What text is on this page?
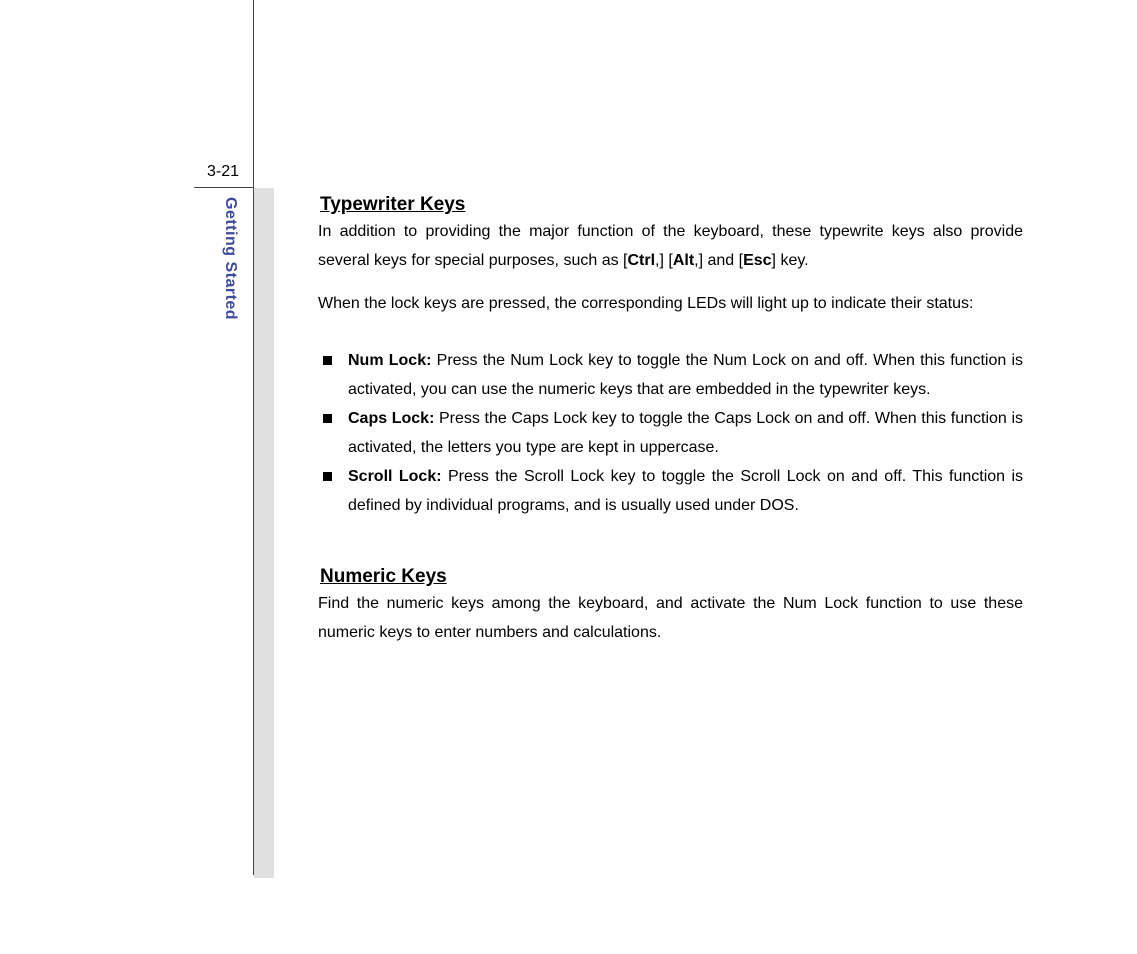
3-21
Getting Started	Typewriter Keys

In addition to providing the major function of the keyboard, these typewrite keys also provide several keys for special purposes, such as [Ctrl,] [Alt,] and [Esc] key.

When the lock keys are pressed, the corresponding LEDs will light up to indicate their status:

Num Lock: Press the Num Lock key to toggle the Num Lock on and off. When this function is activated, you can use the numeric keys that are embedded in the typewriter keys.
Caps Lock: Press the Caps Lock key to toggle the Caps Lock on and off. When this function is activated, the letters you type are kept in uppercase.
Scroll Lock: Press the Scroll Lock key to toggle the Scroll Lock on and off. This function is defined by individual programs, and is usually used under DOS.
Numeric Keys

Find the numeric keys among the keyboard, and activate the Num Lock function to use these numeric keys to enter numbers and calculations.
